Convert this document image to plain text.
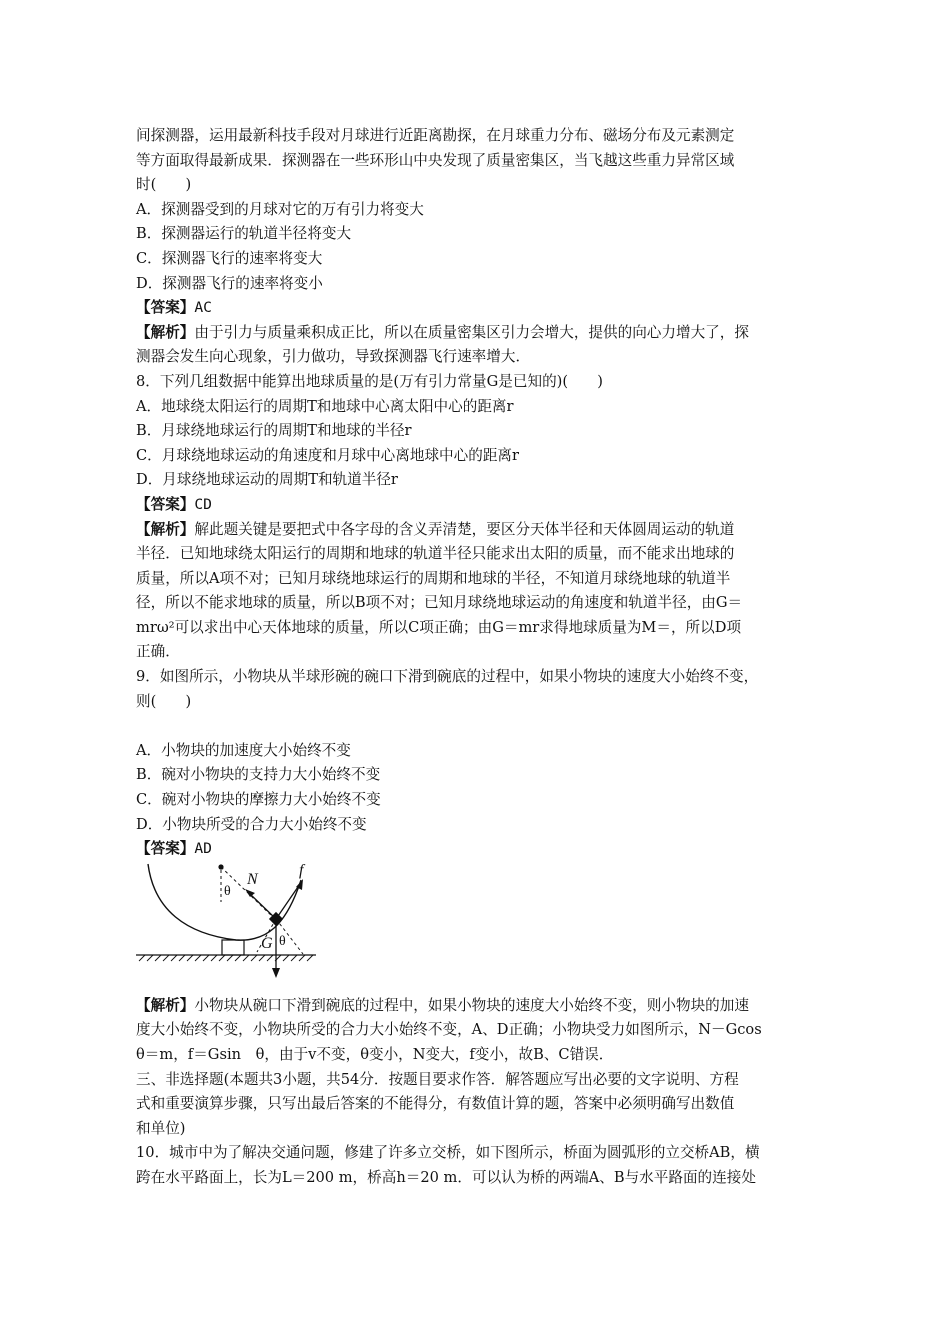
间探测器，运用最新科技手段对月球进行近距离勘探，在月球重力分布、磁场分布及元素测定
等方面取得最新成果．探测器在一些环形山中央发现了质量密集区，当飞越这些重力异常区域
时(　　)
A．探测器受到的月球对它的万有引力将变大
B．探测器运行的轨道半径将变大
C．探测器飞行的速率将变大
D．探测器飞行的速率将变小
【答案】AC
【解析】由于引力与质量乘积成正比，所以在质量密集区引力会增大，提供的向心力增大了，探
测器会发生向心现象，引力做功，导致探测器飞行速率增大．
8．下列几组数据中能算出地球质量的是(万有引力常量G是已知的)(　　)
A．地球绕太阳运行的周期T和地球中心离太阳中心的距离r
B．月球绕地球运行的周期T和地球的半径r
C．月球绕地球运动的角速度和月球中心离地球中心的距离r
D．月球绕地球运动的周期T和轨道半径r
【答案】CD
【解析】解此题关键是要把式中各字母的含义弄清楚，要区分天体半径和天体圆周运动的轨道
半径．已知地球绕太阳运行的周期和地球的轨道半径只能求出太阳的质量，而不能求出地球的
质量，所以A项不对；已知月球绕地球运行的周期和地球的半径，不知道月球绕地球的轨道半
径，所以不能求地球的质量，所以B项不对；已知月球绕地球运动的角速度和轨道半径，由G＝
mrω²可以求出中心天体地球的质量，所以C项正确；由G＝mr求得地球质量为M＝，所以D项
正确．
9．如图所示，小物块从半球形碗的碗口下滑到碗底的过程中，如果小物块的速度大小始终不变，
则(　　)
A．小物块的加速度大小始终不变
B．碗对小物块的支持力大小始终不变
C．碗对小物块的摩擦力大小始终不变
D．小物块所受的合力大小始终不变
【答案】AD
N
f
G
θ
θ
【解析】小物块从碗口下滑到碗底的过程中，如果小物块的速度大小始终不变，则小物块的加速
度大小始终不变，小物块所受的合力大小始终不变，A、D正确；小物块受力如图所示，N－Gcos
θ＝m，f＝Gsin　θ，由于v不变，θ变小，N变大，f变小，故B、C错误．
三、非选择题(本题共3小题，共54分．按题目要求作答．解答题应写出必要的文字说明、方程
式和重要演算步骤，只写出最后答案的不能得分，有数值计算的题，答案中必须明确写出数值
和单位)
10．城市中为了解决交通问题，修建了许多立交桥，如下图所示，桥面为圆弧形的立交桥AB，横
跨在水平路面上，长为L＝200 m，桥高h＝20 m．可以认为桥的两端A、B与水平路面的连接处
